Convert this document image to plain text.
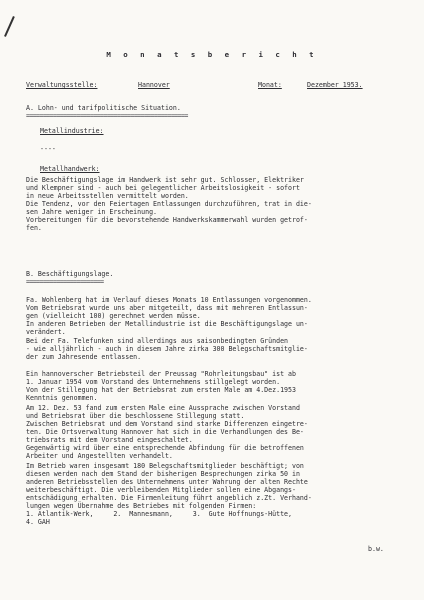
M o n a t s b e r i c h t
Verwaltungsstelle:	Hannover	Monat:	Dezember 1953.
A. Lohn- und tarifpolitische Situation.
================================================
Metallindustrie:
----
Metallhandwerk:
Die Beschäftigungslage im Handwerk ist sehr gut. Schlosser, Elektriker
und Klempner sind - auch bei gelegentlicher Arbeitslosigkeit - sofort
in neue Arbeitsstellen vermittelt worden.
Die Tendenz, vor den Feiertagen Entlassungen durchzuführen, trat in die-
sen Jahre weniger in Erscheinung.
Vorbereitungen für die bevorstehende Handwerkskammerwahl wurden getrof-
fen.
B. Beschäftigungslage.
=======================
Fa. Wohlenberg hat im Verlauf dieses Monats 10 Entlassungen vorgenommen.
Vom Betriebsrat wurde uns aber mitgeteilt, dass mit mehreren Entlassun-
gen (vielleicht 100) gerechnet werden müsse.
In anderen Betrieben der Metallindustrie ist die Beschäftigungslage un-
verändert.
Bei der Fa. Telefunken sind allerdings aus saisonbedingten Gründen
- wie alljährlich - auch in diesem Jahre zirka 300 Belegschaftsmitglie-
der zum Jahresende entlassen.
Ein hannoverscher Betriebsteil der Preussag "Rohrleitungsbau" ist ab
1. Januar 1954 vom Vorstand des Unternehmens stillgelegt worden.
Von der Stillegung hat der Betriebsrat zum ersten Male am 4.Dez.1953
Kenntnis genommen.
Am 12. Dez. 53 fand zum ersten Male eine Aussprache zwischen Vorstand
und Betriebsrat über die beschlossene Stillegung statt.
Zwischen Betriebsrat und dem Vorstand sind starke Differenzen eingetre-
ten. Die Ortsverwaltung Hannover hat sich in die Verhandlungen des Be-
triebsrats mit dem Vorstand eingeschaltet.
Gegenwärtig wird über eine entsprechende Abfindung für die betroffenen
Arbeiter und Angestellten verhandelt.
Im Betrieb waren insgesamt 180 Belegschaftsmitglieder beschäftigt; von
diesen werden nach dem Stand der bisherigen Besprechungen zirka 50 in
anderen Betriebsstellen des Unternehmens unter Wahrung der alten Rechte
weiterbeschäftigt. Die verbleibenden Mitglieder sollen eine Abgangs-
entschädigung erhalten. Die Firmenleitung führt angeblich z.Zt. Verhand-
lungen wegen Übernahme des Betriebes mit folgenden Firmen:
1. Atlantik-Werk,     2.  Mannesmann,     3.  Gute Hoffnungs-Hütte,
4. GAH
b.w.
